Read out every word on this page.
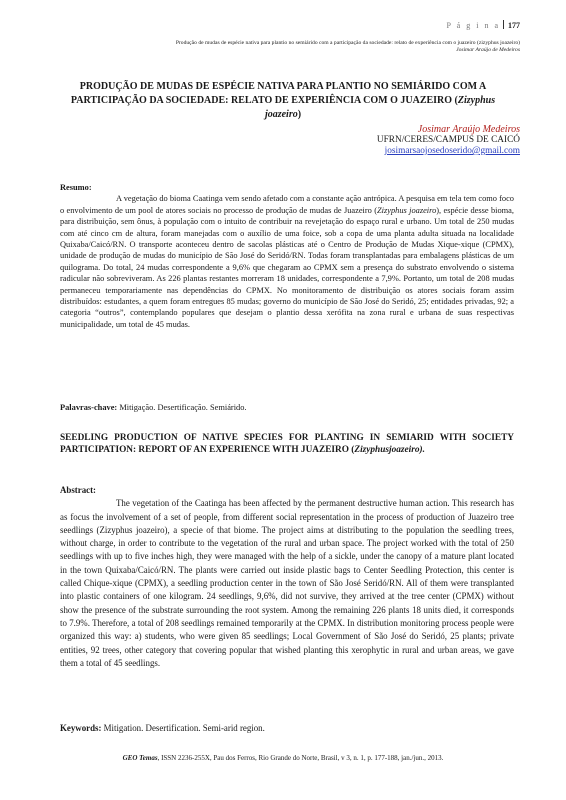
P á g i n a 177
Produção de mudas de espécie nativa para plantio no semiárido com a participação da sociedade: relato de experiência com o juazeiro (zizyphus joazeiro)
Josimar Araújo de Medeiros
PRODUÇÃO DE MUDAS DE ESPÉCIE NATIVA PARA PLANTIO NO SEMIÁRIDO COM A PARTICIPAÇÃO DA SOCIEDADE: RELATO DE EXPERIÊNCIA COM O JUAZEIRO (Zizyphus joazeiro)
Josimar Araújo Medeiros
UFRN/CERES/CAMPUS DE CAICÓ
josimarsaojosedoserido@gmail.com
Resumo:
A vegetação do bioma Caatinga vem sendo afetado com a constante ação antrópica. A pesquisa em tela tem como foco o envolvimento de um pool de atores sociais no processo de produção de mudas de Juazeiro (Zizyphus joazeiro), espécie desse bioma, para distribuição, sem ônus, à população com o intuito de contribuir na revejetação do espaço rural e urbano. Um total de 250 mudas com até cinco cm de altura, foram manejadas com o auxílio de uma foice, sob a copa de uma planta adulta situada na localidade Quixaba/Caicó/RN. O transporte aconteceu dentro de sacolas plásticas até o Centro de Produção de Mudas Xique-xique (CPMX), unidade de produção de mudas do município de São José do Seridó/RN. Todas foram transplantadas para embalagens plásticas de um quilograma. Do total, 24 mudas correspondente a 9,6% que chegaram ao CPMX sem a presença do substrato envolvendo o sistema radicular não sobreviveram. As 226 plantas restantes morreram 18 unidades, correspondente a 7,9%. Portanto, um total de 208 mudas permaneceu temporariamente nas dependências do CPMX. No monitoramento de distribuição os atores sociais foram assim distribuídos: estudantes, a quem foram entregues 85 mudas; governo do município de São José do Seridó, 25; entidades privadas, 92; a categoria “outros”, contemplando populares que desejam o plantio dessa xerófita na zona rural e urbana de suas respectivas municipalidade, um total de 45 mudas.
Palavras-chave: Mitigação. Desertificação. Semiárido.
SEEDLING PRODUCTION OF NATIVE SPECIES FOR PLANTING IN SEMIARID WITH SOCIETY PARTICIPATION: REPORT OF AN EXPERIENCE WITH JUAZEIRO (Zizyphusjoazeiro).
Abstract:
The vegetation of the Caatinga has been affected by the permanent destructive human action. This research has as focus the involvement of a set of people, from different social representation in the process of production of Juazeiro tree seedlings (Zizyphus joazeiro), a specie of that biome. The project aims at distributing to the population the seedling trees, without charge, in order to contribute to the vegetation of the rural and urban space. The project worked with the total of 250 seedlings with up to five inches high, they were managed with the help of a sickle, under the canopy of a mature plant located in the town Quixaba/Caicó/RN. The plants were carried out inside plastic bags to Center Seedling Protection, this center is called Chique-xique (CPMX), a seedling production center in the town of São José Seridó/RN. All of them were transplanted into plastic containers of one kilogram. 24 seedlings, 9,6%, did not survive, they arrived at the tree center (CPMX) without show the presence of the substrate surrounding the root system. Among the remaining 226 plants 18 units died, it corresponds to 7.9%. Therefore, a total of 208 seedlings remained temporarily at the CPMX. In distribution monitoring process people were organized this way: a) students, who were given 85 seedlings; Local Government of São José do Seridó, 25 plants; private entities, 92 trees, other category that covering popular that wished planting this xerophytic in rural and urban areas, we gave them a total of 45 seedlings.
Keywords: Mitigation. Desertification. Semi-arid region.
GEO Temas, ISSN 2236-255X, Pau dos Ferros, Rio Grande do Norte, Brasil, v 3, n. 1, p. 177-188, jan./jun., 2013.
